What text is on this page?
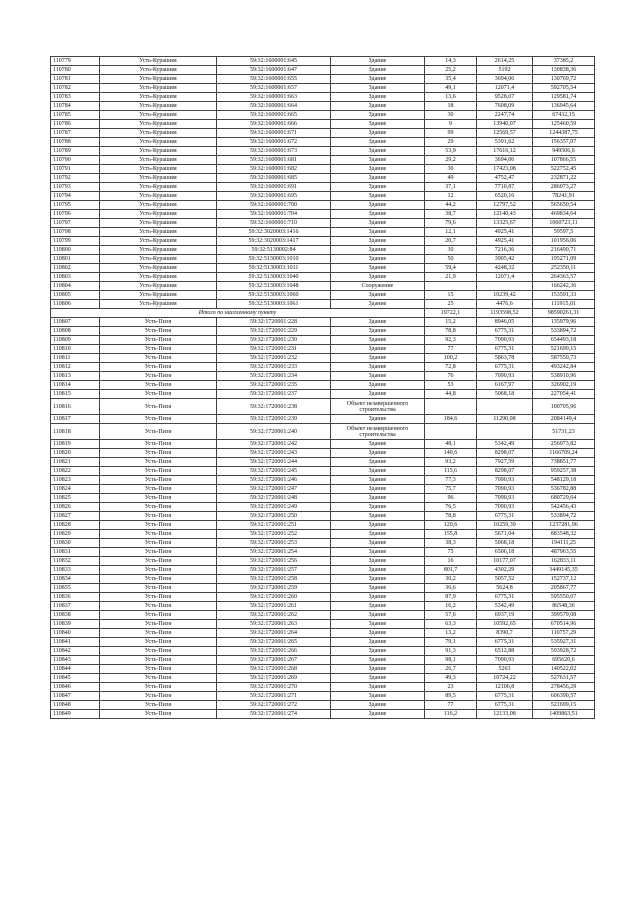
110779	Усть-Курашим	59:32:1600001:645	Здание	14,3	2614,25	37385,2
110780	Усть-Курашим	59:32:1600001:647	Здание	25,2	5192	130838,36
110781	Усть-Курашим	59:32:1600001:655	Здание	35,4	3694,06	130769,72
110782	Усть-Курашим	59:32:1600001:657	Здание	49,1	12071,4	592705,54
110783	Усть-Курашим	59:32:1600001:663	Здание	13,6	9528,07	129581,74
110784	Усть-Курашим	59:32:1600001:664	Здание	18	7608,09	136945,64
110785	Усть-Курашим	59:32:1600001:665	Здание	30	2247,74	67432,15
110786	Усть-Курашим	59:32:1600001:666	Здание	9	13940,07	125460,59
110787	Усть-Курашим	59:32:1600001:671	Здание	99	12569,57	1244387,75
110788	Усть-Курашим	59:32:1600001:672	Здание	29	5391,62	156357,07
110789	Усть-Курашим	59:32:1600001:673	Здание	53,9	17616,12	949506,6
110790	Усть-Курашим	59:32:1600001:681	Здание	29,2	3694,06	107866,55
110791	Усть-Курашим	59:32:1600001:682	Здание	30	17423,08	522752,45
110792	Усть-Курашим	59:32:1600001:685	Здание	49	4752,47	232871,22
110793	Усть-Курашим	59:32:1600001:691	Здание	37,1	7710,87	286073,27
110794	Усть-Курашим	59:32:1600001:695	Здание	12	6520,16	78241,91
110795	Усть-Курашим	59:32:1600001:700	Здание	44,2	12797,52	565650,54
110796	Усть-Курашим	59:32:1600001:704	Здание	38,7	12140,43	469834,64
110797	Усть-Курашим	59:32:1600001:710	Здание	79,6	13325,67	1060723,11
110798	Усть-Курашим	59:32:3020003:1416	Здание	12,1	4925,41	59597,5
110799	Усть-Курашим	59:32:3020003:1417	Здание	20,7	4925,41	101956,06
110800	Усть-Курашим	59:32:5130002:84	Здание	30	7216,36	216490,71
110801	Усть-Курашим	59:32:5130003:1010	Здание	50	3905,42	195271,09
110802	Усть-Курашим	59:32:5130003:1011	Здание	59,4	4248,32	252350,11
110803	Усть-Курашим	59:32:5130003:1040	Здание	21,9	12071,4	264363,57
110804	Усть-Курашим	59:32:5130003:1048	Сооружение			166242,36
110805	Усть-Курашим	59:32:5130003:1060	Здание	15	10239,42	153591,33
110806	Усть-Курашим	59:32:5130003:1061	Здание	25	4476,6	111915,01
Итого по населенному пункту				19722,1	1193598,52	98590261,31
110807	Усть-Пизя	59:32:1720001:228	Здание	15,2	8946,05	135979,96
110808	Усть-Пизя	59:32:1720001:229	Здание	78,8	6775,31	533894,72
110809	Усть-Пизя	59:32:1720001:230	Здание	92,3	7090,93	654493,18
110810	Усть-Пизя	59:32:1720001:231	Здание	77	6775,31	521699,15
110811	Усть-Пизя	59:32:1720001:232	Здание	100,2	5863,78	587550,73
110812	Усть-Пизя	59:32:1720001:233	Здание	72,8	6775,31	493242,84
110813	Усть-Пизя	59:32:1720001:234	Здание	76	7090,93	538910,96
110814	Усть-Пизя	59:32:1720001:235	Здание	53	6167,97	326902,19
110815	Усть-Пизя	59:32:1720001:237	Здание	44,8	5068,18	227054,41
110816	Усть-Пизя	59:32:1720001:238	Объект незавершенного строительства			100705,96
110817	Усть-Пизя	59:32:1720001:239	Здание	184,6	11290,08	2084149,4
110818	Усть-Пизя	59:32:1720001:240	Объект незавершенного строительства			51731,23
110819	Усть-Пизя	59:32:1720001:242	Здание	48,1	5342,49	256973,82
110820	Усть-Пизя	59:32:1720001:243	Здание	140,6	8298,07	1166709,24
110821	Усть-Пизя	59:32:1720001:244	Здание	93,2	7927,59	738851,77
110822	Усть-Пизя	59:32:1720001:245	Здание	115,6	8298,07	959257,38
110823	Усть-Пизя	59:32:1720001:246	Здание	77,3	7090,93	548129,18
110824	Усть-Пизя	59:32:1720001:247	Здание	75,7	7090,93	536782,88
110825	Усть-Пизя	59:32:1720001:248	Здание	96	7090,93	680729,64
110826	Усть-Пизя	59:32:1720001:249	Здание	76,5	7090,93	542456,43
110827	Усть-Пизя	59:32:1720001:250	Здание	78,8	6775,31	533894,72
110828	Усть-Пизя	59:32:1720001:251	Здание	120,6	10259,39	1237281,96
110829	Усть-Пизя	59:32:1720001:252	Здание	155,8	5671,04	883548,32
110830	Усть-Пизя	59:32:1720001:253	Здание	38,3	5068,18	194111,25
110831	Усть-Пизя	59:32:1720001:254	Здание	75	6506,18	487963,55
110832	Усть-Пизя	59:32:1720001:256	Здание	16	10177,07	162833,11
110833	Усть-Пизя	59:32:1720001:257	Здание	801,7	4302,29	3449145,35
110834	Усть-Пизя	59:32:1720001:258	Здание	30,2	5057,52	152737,12
110835	Усть-Пизя	59:32:1720001:259	Здание	36,6	5624,8	205867,77
110836	Усть-Пизя	59:32:1720001:260	Здание	87,9	6775,31	595550,07
110837	Усть-Пизя	59:32:1720001:261	Здание	16,2	5342,49	86548,36
110838	Усть-Пизя	59:32:1720001:262	Здание	57,6	6937,19	399579,08
110839	Усть-Пизя	59:32:1720001:263	Здание	63,3	10592,65	670514,96
110840	Усть-Пизя	59:32:1720001:264	Здание	13,2	8390,7	110757,29
110841	Усть-Пизя	59:32:1720001:265	Здание	79,1	6775,31	535927,31
110842	Усть-Пизя	59:32:1720001:266	Здание	91,3	6512,88	593928,72
110843	Усть-Пизя	59:32:1720001:267	Здание	98,1	7090,93	695620,6
110844	Усть-Пизя	59:32:1720001:268	Здание	26,7	5263	140522,02
110845	Усть-Пизя	59:32:1720001:269	Здание	49,3	10724,22	527631,57
110846	Усть-Пизя	59:32:1720001:270	Здание	23	12106,8	278456,29
110847	Усть-Пизя	59:32:1720001:271	Здание	89,5	6775,31	606390,57
110848	Усть-Пизя	59:32:1720001:272	Здание	77	6775,31	521699,15
110849	Усть-Пизя	59:32:1720001:274	Здание	116,2	12133,08	1409863,51
